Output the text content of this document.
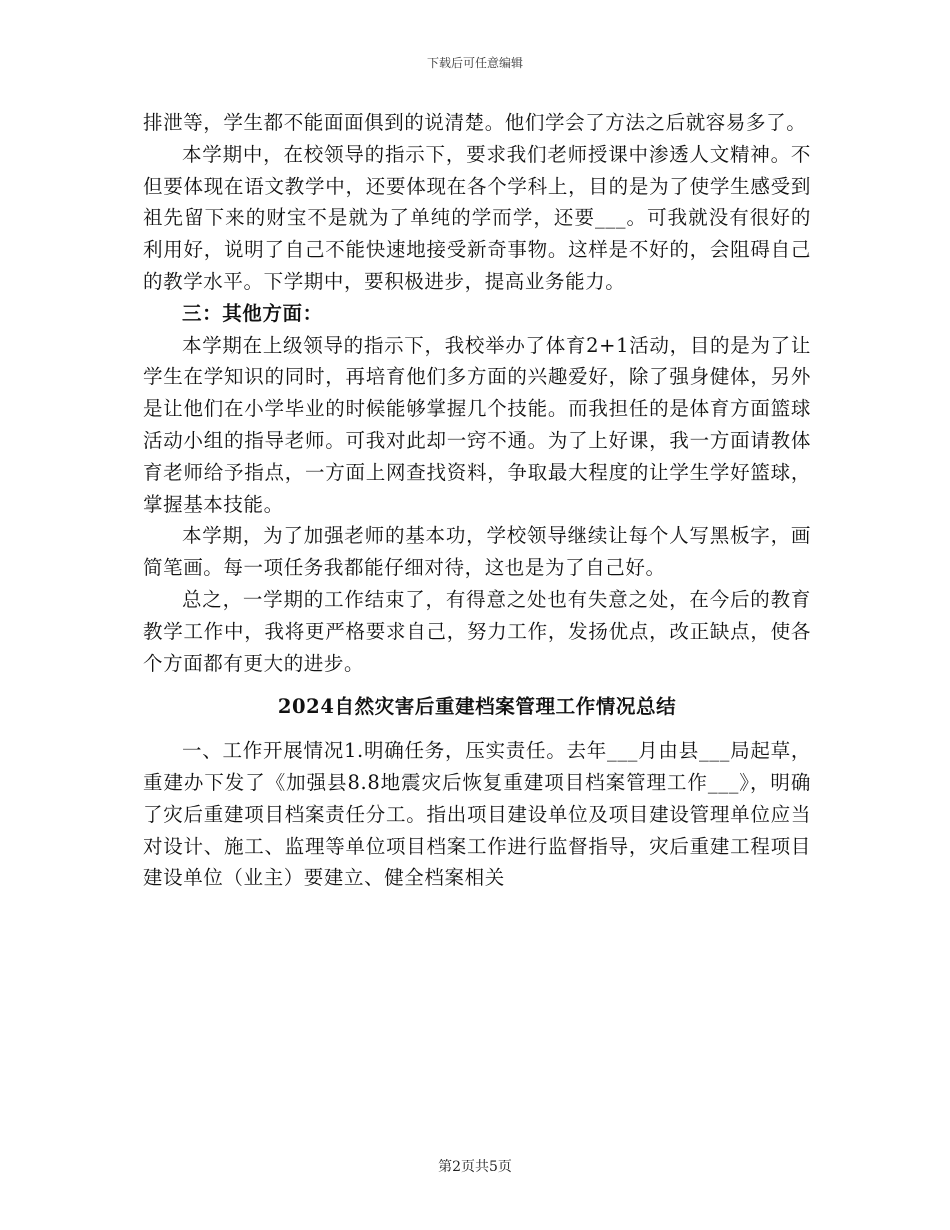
下载后可任意编辑

排泄等，学生都不能面面俱到的说清楚。他们学会了方法之后就容易多了。

本学期中，在校领导的指示下，要求我们老师授课中渗透人文精神。不但要体现在语文教学中，还要体现在各个学科上，目的是为了使学生感受到祖先留下来的财宝不是就为了单纯的学而学，还要___。可我就没有很好的利用好，说明了自己不能快速地接受新奇事物。这样是不好的，会阻碍自己的教学水平。下学期中，要积极进步，提高业务能力。

三：其他方面：

本学期在上级领导的指示下，我校举办了体育2+1活动，目的是为了让学生在学知识的同时，再培育他们多方面的兴趣爱好，除了强身健体，另外是让他们在小学毕业的时候能够掌握几个技能。而我担任的是体育方面篮球活动小组的指导老师。可我对此却一窍不通。为了上好课，我一方面请教体育老师给予指点，一方面上网查找资料，争取最大程度的让学生学好篮球，掌握基本技能。

本学期，为了加强老师的基本功，学校领导继续让每个人写黑板字，画简笔画。每一项任务我都能仔细对待，这也是为了自己好。

总之，一学期的工作结束了，有得意之处也有失意之处，在今后的教育教学工作中，我将更严格要求自己，努力工作，发扬优点，改正缺点，使各个方面都有更大的进步。

2024自然灾害后重建档案管理工作情况总结

一、工作开展情况1.明确任务，压实责任。去年___月由县___局起草，重建办下发了《加强县8.8地震灾后恢复重建项目档案管理工作___》，明确了灾后重建项目档案责任分工。指出项目建设单位及项目建设管理单位应当对设计、施工、监理等单位项目档案工作进行监督指导，灾后重建工程项目建设单位（业主）要建立、健全档案相关

第2页共5页
